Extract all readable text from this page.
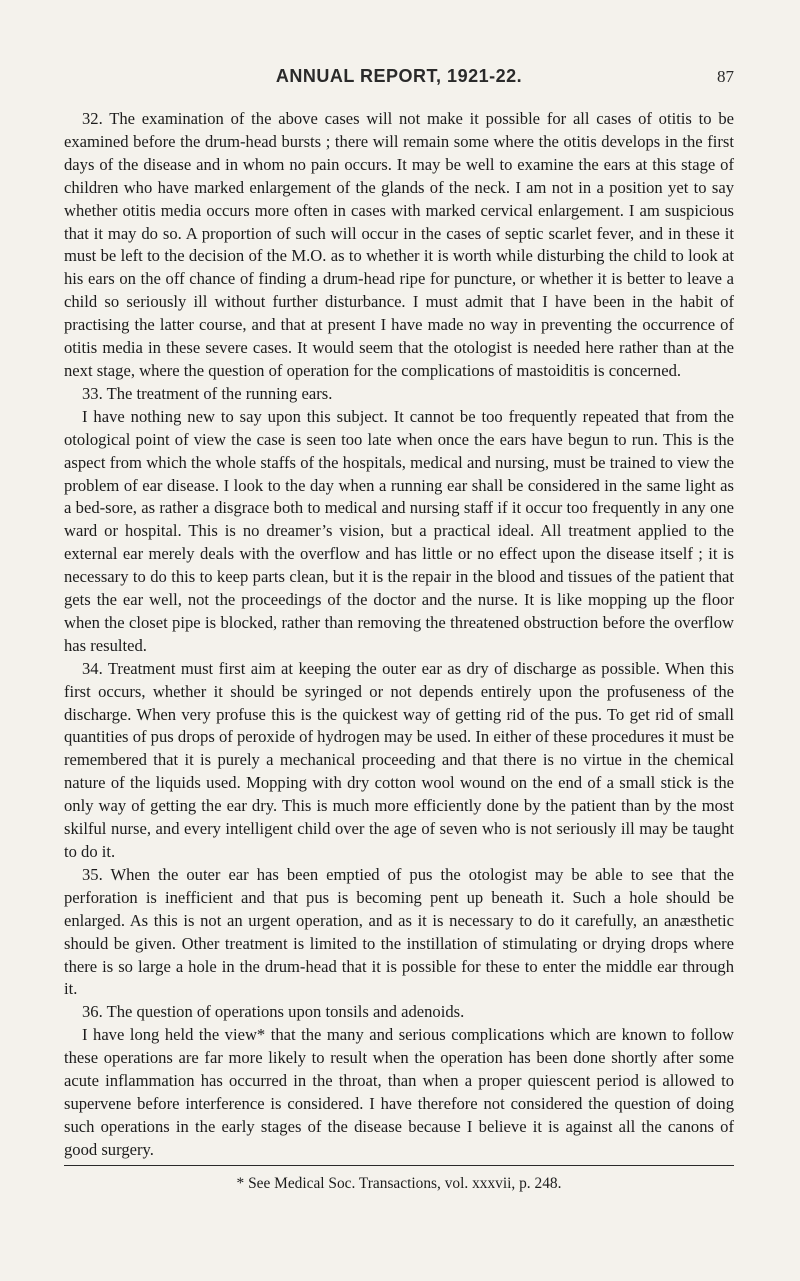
ANNUAL REPORT, 1921-22.	87

32. The examination of the above cases will not make it possible for all cases of otitis to be examined before the drum-head bursts ; there will remain some where the otitis develops in the first days of the disease and in whom no pain occurs. It may be well to examine the ears at this stage of children who have marked enlargement of the glands of the neck. I am not in a position yet to say whether otitis media occurs more often in cases with marked cervical enlargement. I am suspicious that it may do so. A proportion of such will occur in the cases of septic scarlet fever, and in these it must be left to the decision of the M.O. as to whether it is worth while disturbing the child to look at his ears on the off chance of finding a drum-head ripe for puncture, or whether it is better to leave a child so seriously ill without further disturbance. I must admit that I have been in the habit of practising the latter course, and that at present I have made no way in preventing the occurrence of otitis media in these severe cases. It would seem that the otologist is needed here rather than at the next stage, where the question of operation for the complications of mastoiditis is concerned.

33. The treatment of the running ears.

I have nothing new to say upon this subject. It cannot be too frequently repeated that from the otological point of view the case is seen too late when once the ears have begun to run. This is the aspect from which the whole staffs of the hospitals, medical and nursing, must be trained to view the problem of ear disease. I look to the day when a running ear shall be considered in the same light as a bed-sore, as rather a disgrace both to medical and nursing staff if it occur too frequently in any one ward or hospital. This is no dreamer’s vision, but a practical ideal. All treatment applied to the external ear merely deals with the overflow and has little or no effect upon the disease itself ; it is necessary to do this to keep parts clean, but it is the repair in the blood and tissues of the patient that gets the ear well, not the proceedings of the doctor and the nurse. It is like mopping up the floor when the closet pipe is blocked, rather than removing the threatened obstruction before the overflow has resulted.

34. Treatment must first aim at keeping the outer ear as dry of discharge as possible. When this first occurs, whether it should be syringed or not depends entirely upon the profuseness of the discharge. When very profuse this is the quickest way of getting rid of the pus. To get rid of small quantities of pus drops of peroxide of hydrogen may be used. In either of these procedures it must be remembered that it is purely a mechanical proceeding and that there is no virtue in the chemical nature of the liquids used. Mopping with dry cotton wool wound on the end of a small stick is the only way of getting the ear dry. This is much more efficiently done by the patient than by the most skilful nurse, and every intelligent child over the age of seven who is not seriously ill may be taught to do it.

35. When the outer ear has been emptied of pus the otologist may be able to see that the perforation is inefficient and that pus is becoming pent up beneath it. Such a hole should be enlarged. As this is not an urgent operation, and as it is necessary to do it carefully, an anæsthetic should be given. Other treatment is limited to the instillation of stimulating or drying drops where there is so large a hole in the drum-head that it is possible for these to enter the middle ear through it.

36. The question of operations upon tonsils and adenoids.

I have long held the view* that the many and serious complications which are known to follow these operations are far more likely to result when the operation has been done shortly after some acute inflammation has occurred in the throat, than when a proper quiescent period is allowed to supervene before interference is considered. I have therefore not considered the question of doing such operations in the early stages of the disease because I believe it is against all the canons of good surgery.

* See Medical Soc. Transactions, vol. xxxvii, p. 248.
